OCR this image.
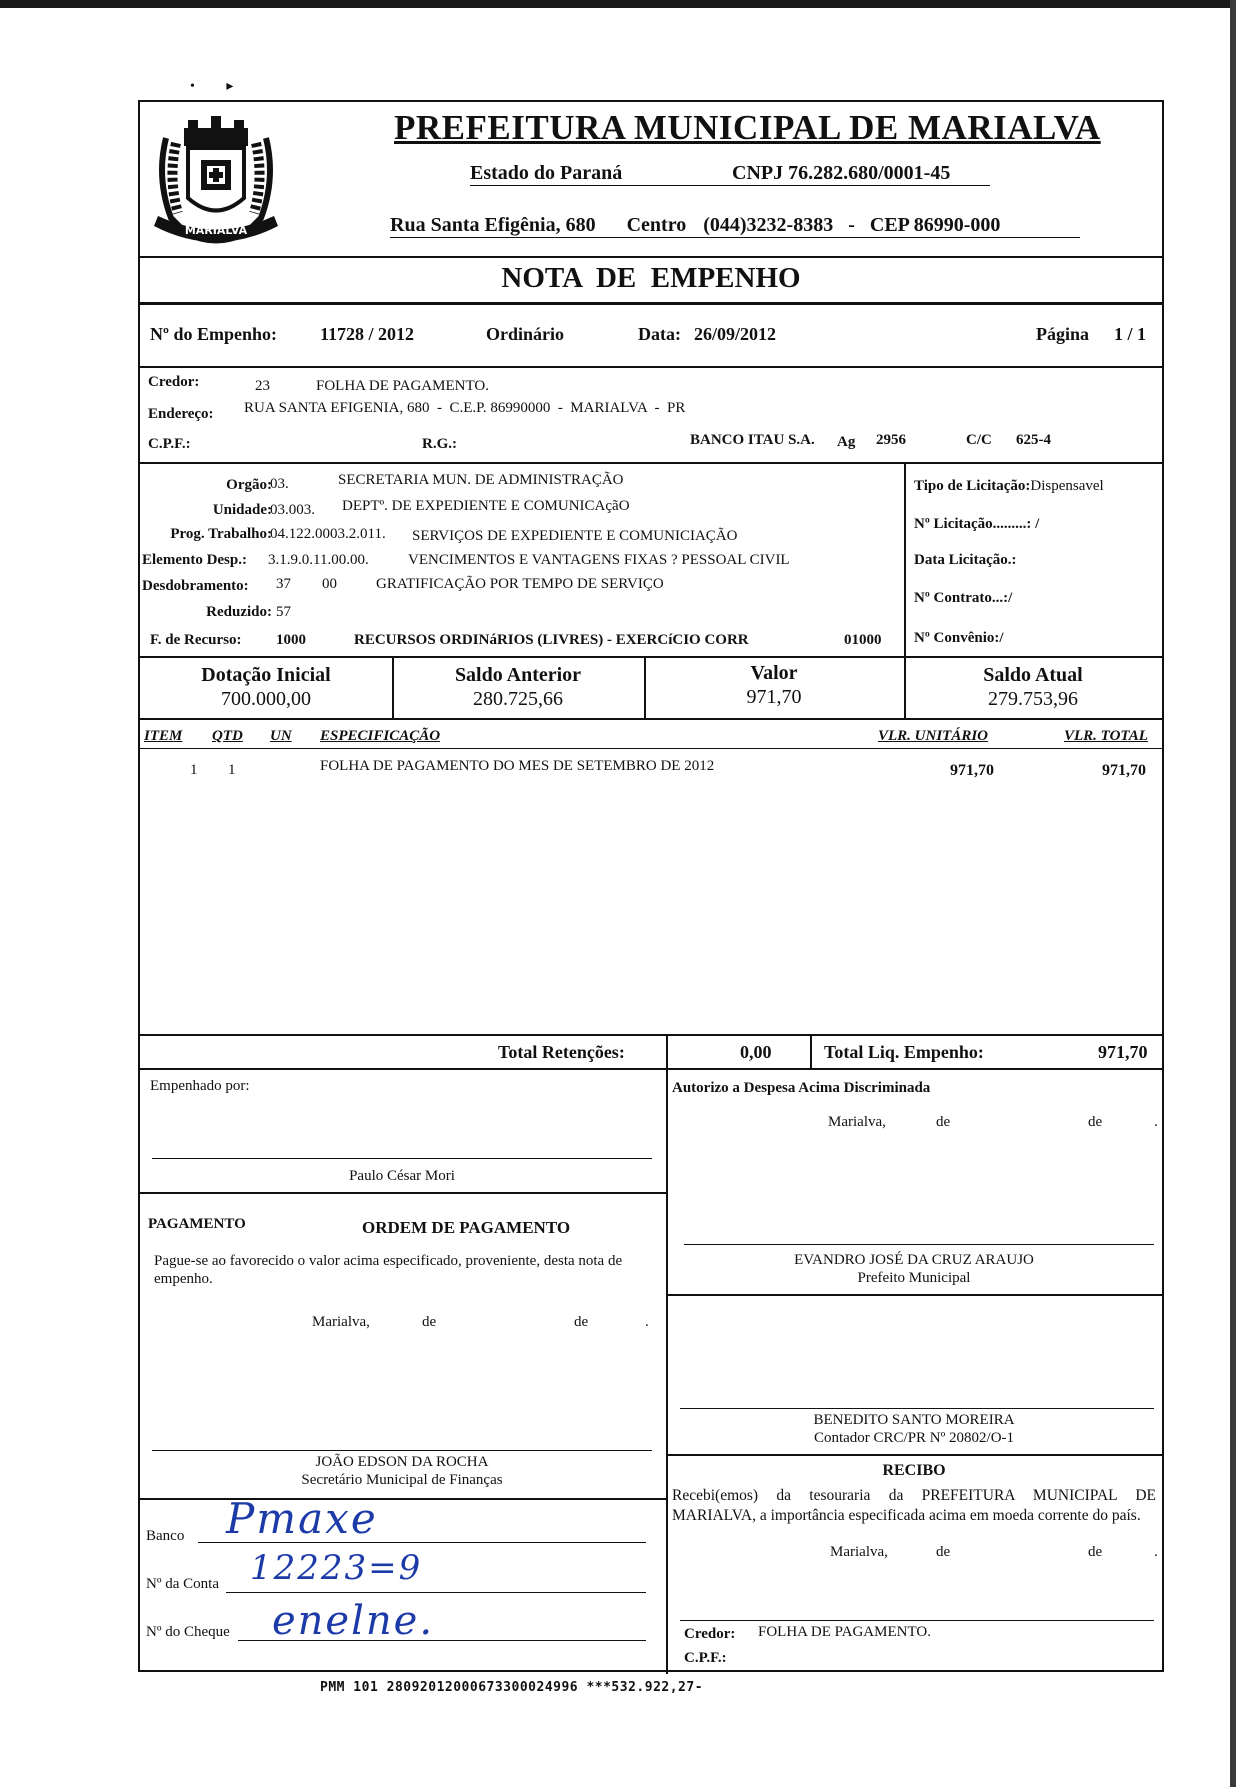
•         ▸
MARIALVA
PREFEITURA MUNICIPAL DE MARIALVA
Estado do Paraná	CNPJ 76.282.680/0001-45
Rua Santa Efigênia, 680 Centro (044)3232-8383 - CEP 86990-000
NOTA  DE  EMPENHO
Nº do Empenho: 11728 / 2012	Ordinário	Data: 26/09/2012	Página 1 / 1
Credor:	23	FOLHA DE PAGAMENTO.
Endereço: RUA SANTA EFIGENIA, 680  -  C.E.P. 86990000  -  MARIALVA  -  PR
C.P.F.:	R.G.:	BANCO ITAU S.A. Ag 2956	C/C 625-4
Orgão:
03.	SECRETARIA MUN. DE ADMINISTRAÇÃO
Unidade:
03.003. DEPTº. DE EXPEDIENTE E COMUNICAçãO
Prog. Trabalho:
04.122.0003.2.011. SERVIÇOS DE EXPEDIENTE E COMUNICIAÇÃO
Elemento Desp.: 3.1.9.0.11.00.00.	VENCIMENTOS E VANTAGENS FIXAS ? PESSOAL CIVIL
Desdobramento: 37 00	GRATIFICAÇÃO POR TEMPO DE SERVIÇO
Reduzido: 57
F. de Recurso: 1000	RECURSOS ORDINáRIOS (LIVRES) - EXERCíCIO CORR	01000
Tipo de Licitação:Dispensavel
Nº Licitação.........: /
Data Licitação.:
Nº Contrato...:/
Nº Convênio:/
Dotação Inicial
700.000,00
Saldo Anterior
280.725,66
Valor
971,70
Saldo Atual
279.753,96
ITEM QTD UN ESPECIFICAÇÃO	VLR. UNITÁRIO	VLR. TOTAL
1 1	FOLHA DE PAGAMENTO DO MES DE SETEMBRO DE 2012	971,70	971,70
Total Retenções:	0,00	Total Liq. Empenho:	971,70
Empenhado por:
Paulo César Mori
PAGAMENTO	ORDEM DE PAGAMENTO
Pague-se ao favorecido o valor acima especificado, proveniente, desta nota de empenho.
Marialva,	de	de	.
JOÃO EDSON DA ROCHA
Secretário Municipal de Finanças
Banco Pmaxe
Nº da Conta 12223=9
Nº do Cheque enelne.
Autorizo a Despesa Acima Discriminada
Marialva,	de	de	.
EVANDRO JOSÉ DA CRUZ ARAUJO
Prefeito Municipal
BENEDITO SANTO MOREIRA
Contador CRC/PR Nº 20802/O-1
RECIBO
Recebi(emos) da tesouraria da PREFEITURA MUNICIPAL DE MARIALVA, a importância especificada acima em moeda corrente do país.
Marialva,	de	de	.
Credor: FOLHA DE PAGAMENTO.
C.P.F.:
PMM 101 28092012000673300024996 ***532.922,27-
